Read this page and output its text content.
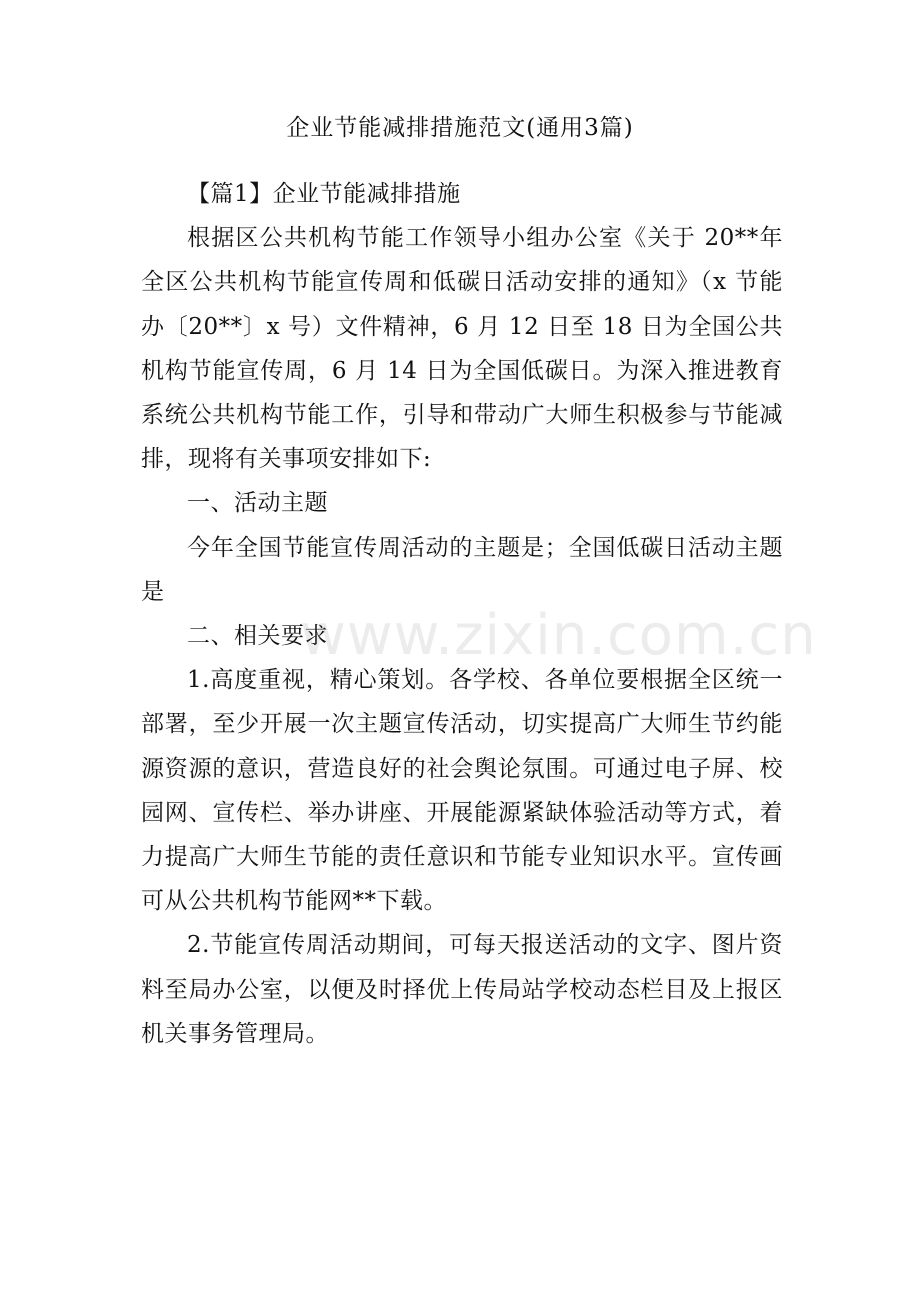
企业节能减排措施范文(通用3篇)

【篇1】企业节能减排措施

根据区公共机构节能工作领导小组办公室《关于 20**年全区公共机构节能宣传周和低碳日活动安排的通知》（x 节能办〔20**〕x 号）文件精神，6 月 12 日至 18 日为全国公共机构节能宣传周，6 月 14 日为全国低碳日。为深入推进教育系统公共机构节能工作，引导和带动广大师生积极参与节能减排，现将有关事项安排如下:

一、活动主题

今年全国节能宣传周活动的主题是；全国低碳日活动主题是

二、相关要求

1.高度重视，精心策划。各学校、各单位要根据全区统一部署，至少开展一次主题宣传活动，切实提高广大师生节约能源资源的意识，营造良好的社会舆论氛围。可通过电子屏、校园网、宣传栏、举办讲座、开展能源紧缺体验活动等方式，着力提高广大师生节能的责任意识和节能专业知识水平。宣传画可从公共机构节能网**下载。

2.节能宣传周活动期间，可每天报送活动的文字、图片资料至局办公室，以便及时择优上传局站学校动态栏目及上报区机关事务管理局。

www.zixin.com.cn
